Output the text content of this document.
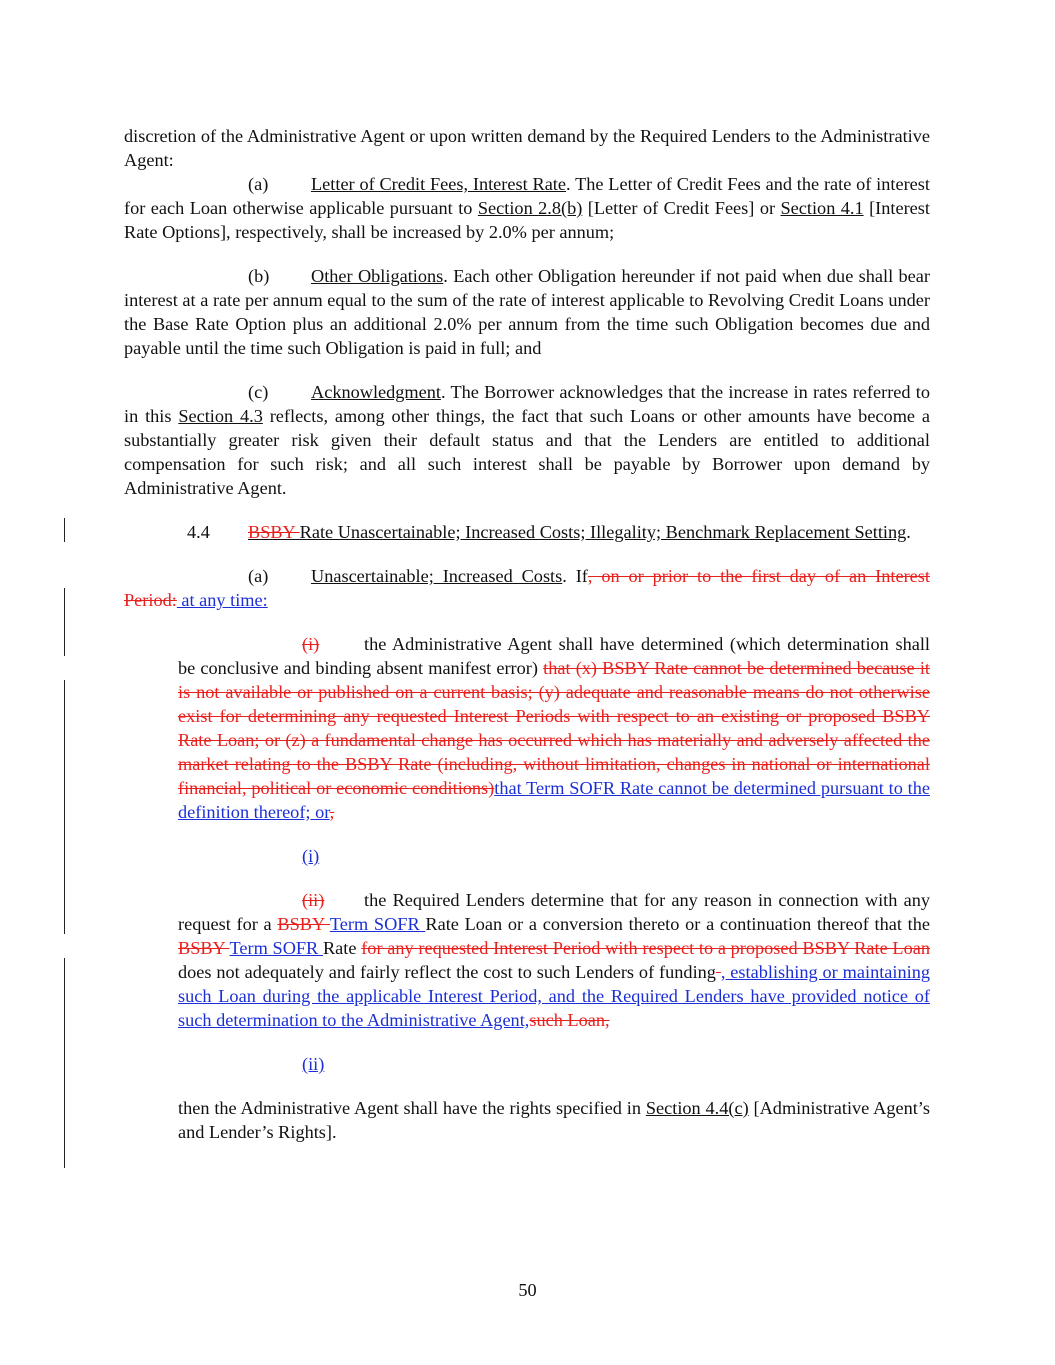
discretion of the Administrative Agent or upon written demand by the Required Lenders to the Administrative Agent:

(a) Letter of Credit Fees, Interest Rate. The Letter of Credit Fees and the rate of interest for each Loan otherwise applicable pursuant to Section 2.8(b) [Letter of Credit Fees] or Section 4.1 [Interest Rate Options], respectively, shall be increased by 2.0% per annum;

(b) Other Obligations. Each other Obligation hereunder if not paid when due shall bear interest at a rate per annum equal to the sum of the rate of interest applicable to Revolving Credit Loans under the Base Rate Option plus an additional 2.0% per annum from the time such Obligation becomes due and payable until the time such Obligation is paid in full; and

(c) Acknowledgment. The Borrower acknowledges that the increase in rates referred to in this Section 4.3 reflects, among other things, the fact that such Loans or other amounts have become a substantially greater risk given their default status and that the Lenders are entitled to additional compensation for such risk; and all such interest shall be payable by Borrower upon demand by Administrative Agent.

4.4 BSBY Rate Unascertainable; Increased Costs; Illegality; Benchmark Replacement Setting.

(a) Unascertainable; Increased Costs. If, on or prior to the first day of an Interest Period: at any time:

(i) the Administrative Agent shall have determined (which determination shall be conclusive and binding absent manifest error) that (x) BSBY Rate cannot be determined because it is not available or published on a current basis; (y) adequate and reasonable means do not otherwise exist for determining any requested Interest Periods with respect to an existing or proposed BSBY Rate Loan; or (z) a fundamental change has occurred which has materially and adversely affected the market relating to the BSBY Rate (including, without limitation, changes in national or international financial, political or economic conditions)that Term SOFR Rate cannot be determined pursuant to the definition thereof; or,

(i)

(ii) the Required Lenders determine that for any reason in connection with any request for a BSBY Term SOFR Rate Loan or a conversion thereto or a continuation thereof that the BSBY Term SOFR Rate for any requested Interest Period with respect to a proposed BSBY Rate Loan does not adequately and fairly reflect the cost to such Lenders of funding , establishing or maintaining such Loan during the applicable Interest Period, and the Required Lenders have provided notice of such determination to the Administrative Agent,such Loan,

(ii)

then the Administrative Agent shall have the rights specified in Section 4.4(c) [Administrative Agent’s and Lender’s Rights].

50
